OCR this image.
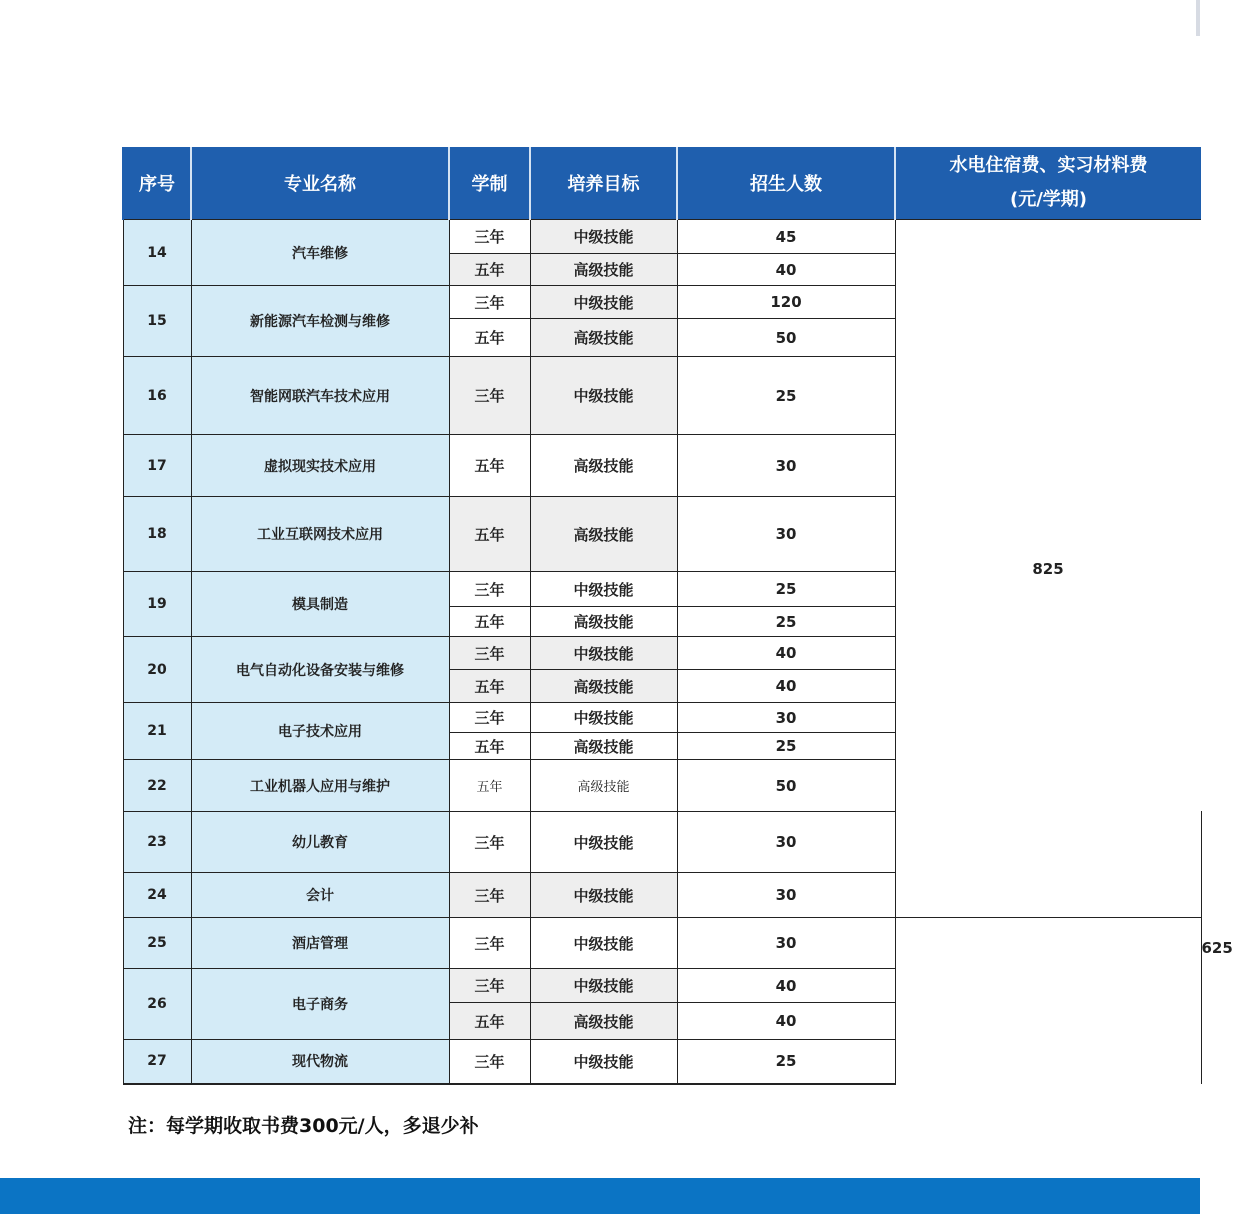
序号	专业名称	学制	培养目标	招生人数	水电住宿费、实习材料费
(元/学期)	

14	汽车维修	三年	中级技能	45	825	
		五年	高级技能	40		
15	新能源汽车检测与维修	三年	中级技能	120		
		五年	高级技能	50		
16	智能网联汽车技术应用	三年	中级技能	25		
17	虚拟现实技术应用	五年	高级技能	30		
18	工业互联网技术应用	五年	高级技能	30		
19	模具制造	三年	中级技能	25		
		五年	高级技能	25		
20	电气自动化设备安装与维修	三年	中级技能	40		
		五年	高级技能	40		
21	电子技术应用	三年	中级技能	30		
		五年	高级技能	25		
22	工业机器人应用与维护	五年	高级技能	50		
23	幼儿教育	三年	中级技能	30		625
24	会计	三年	中级技能	30		
25	酒店管理	三年	中级技能	30		
26	电子商务	三年	中级技能	40		
		五年	高级技能	40		
27	现代物流	三年	中级技能	25		
注：每学期收取书费300元/人，多退少补
